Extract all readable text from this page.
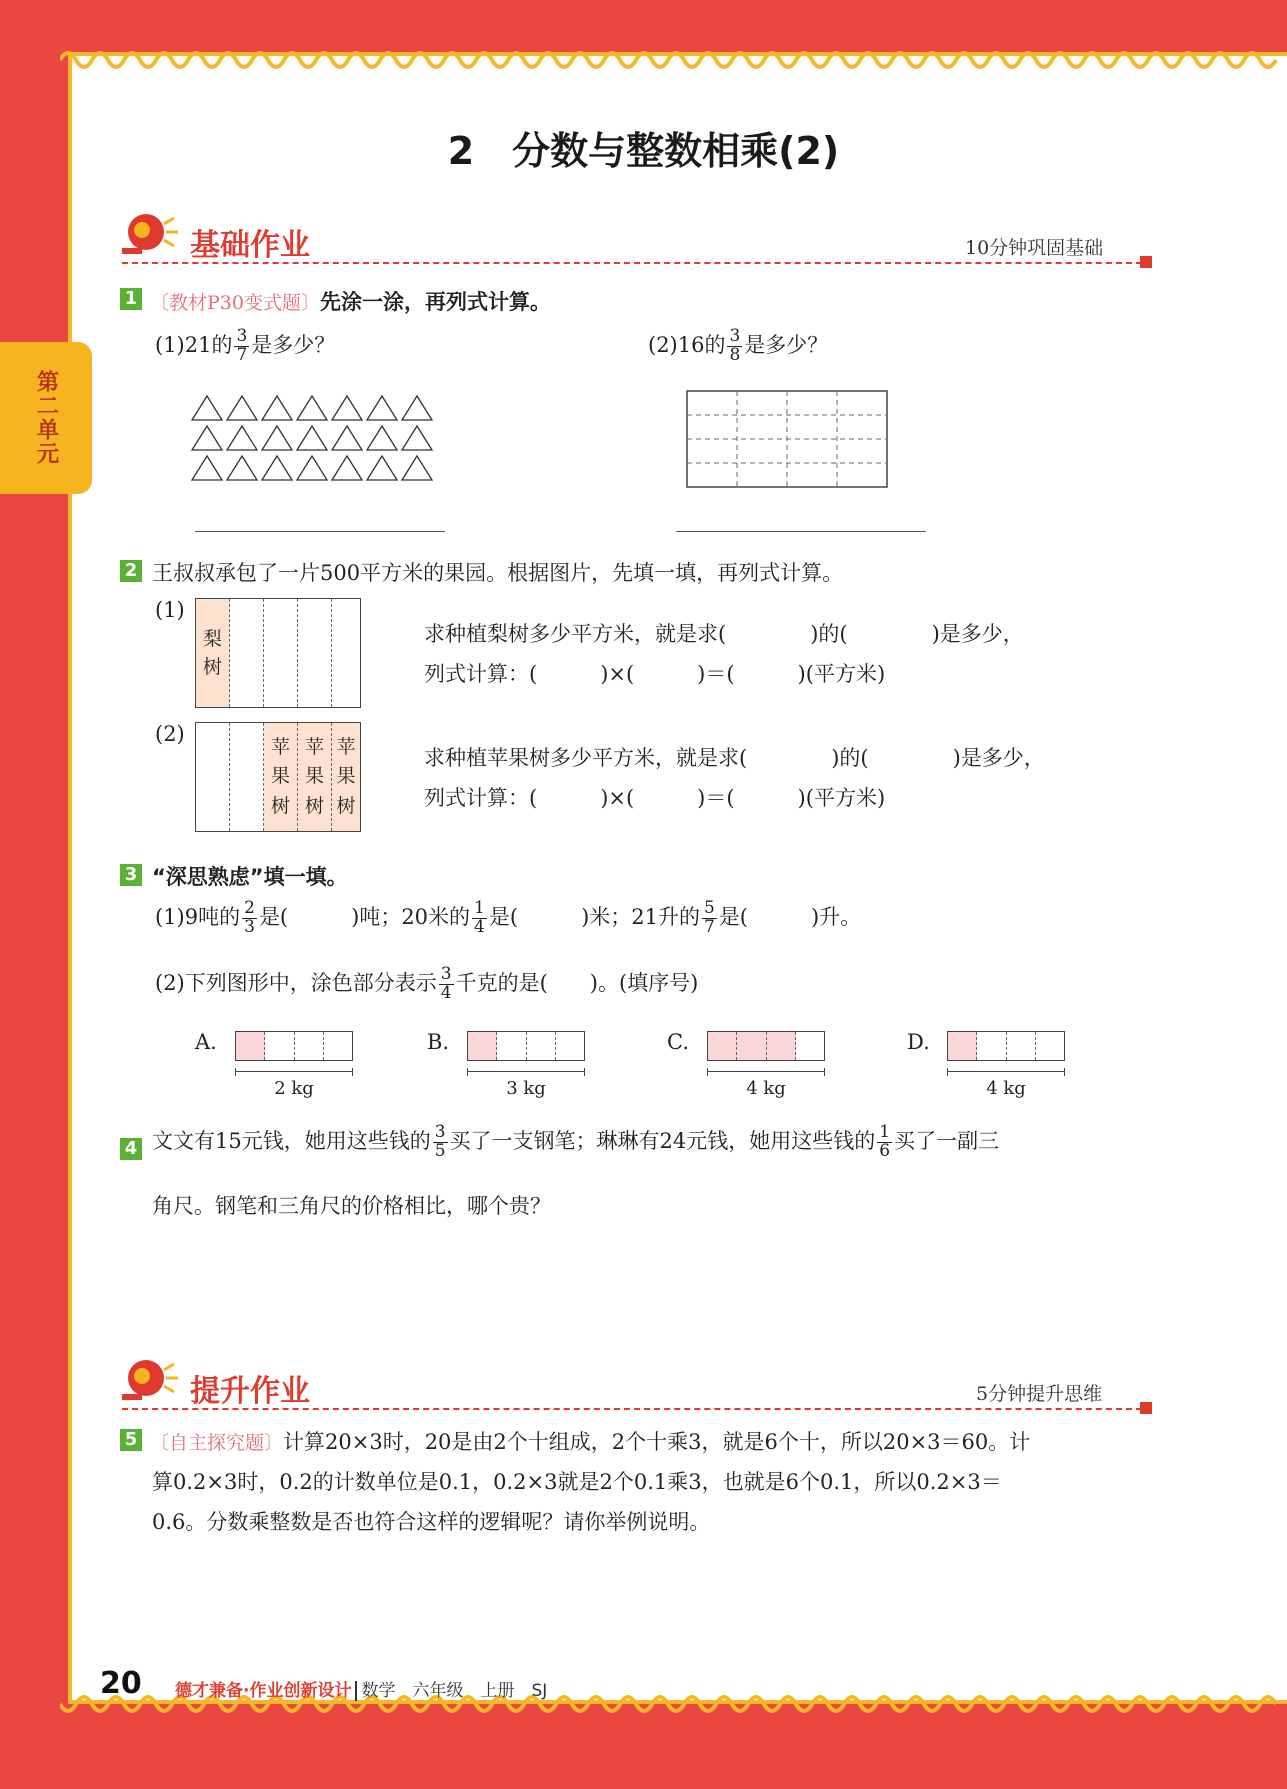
第二单元
2　分数与整数相乘(2)
基础作业	10分钟巩固基础
1 〔教材P30变式题〕先涂一涂，再列式计算。
(1)21的 $\frac{3}{7}$ 是多少？	(2)16的 $\frac{3}{8}$ 是多少？
2 王叔叔承包了一片500平方米的果园。根据图片，先填一填，再列式计算。
(1)
梨
树
求种植梨树多少平方米，就是求(　　　　)的(　　　　)是多少，
列式计算：(　　　)×(　　　)＝(　　　)(平方米)
(2)
苹
果
树
苹
果
树
苹
果
树
求种植苹果树多少平方米，就是求(　　　　)的(　　　　)是多少，
列式计算：(　　　)×(　　　)＝(　　　)(平方米)
3 “深思熟虑”填一填。
(1)9吨的 $\frac{2}{3}$ 是(　　　)吨；20米的 $\frac{1}{4}$ 是(　　　)米；21升的 $\frac{5}{7}$ 是(　　　)升。
(2)下列图形中，涂色部分表示 $\frac{3}{4}$ 千克的是(　　)。(填序号)
A.
2 kg
B.
3 kg
C.
4 kg
D.
4 kg
4 文文有15元钱，她用这些钱的 $\frac{3}{5}$ 买了一支钢笔；琳琳有24元钱，她用这些钱的 $\frac{1}{6}$ 买了一副三
角尺。钢笔和三角尺的价格相比，哪个贵？
提升作业	5分钟提升思维
5 〔自主探究题〕计算20×3时，20是由2个十组成，2个十乘3，就是6个十，所以20×3＝60。计
算0.2×3时，0.2的计数单位是0.1，0.2×3就是2个0.1乘3，也就是6个0.1，所以0.2×3＝
0.6。分数乘整数是否也符合这样的逻辑呢？请你举例说明。
20 德才兼备·作业创新设计 数学　六年级　上册　SJ
